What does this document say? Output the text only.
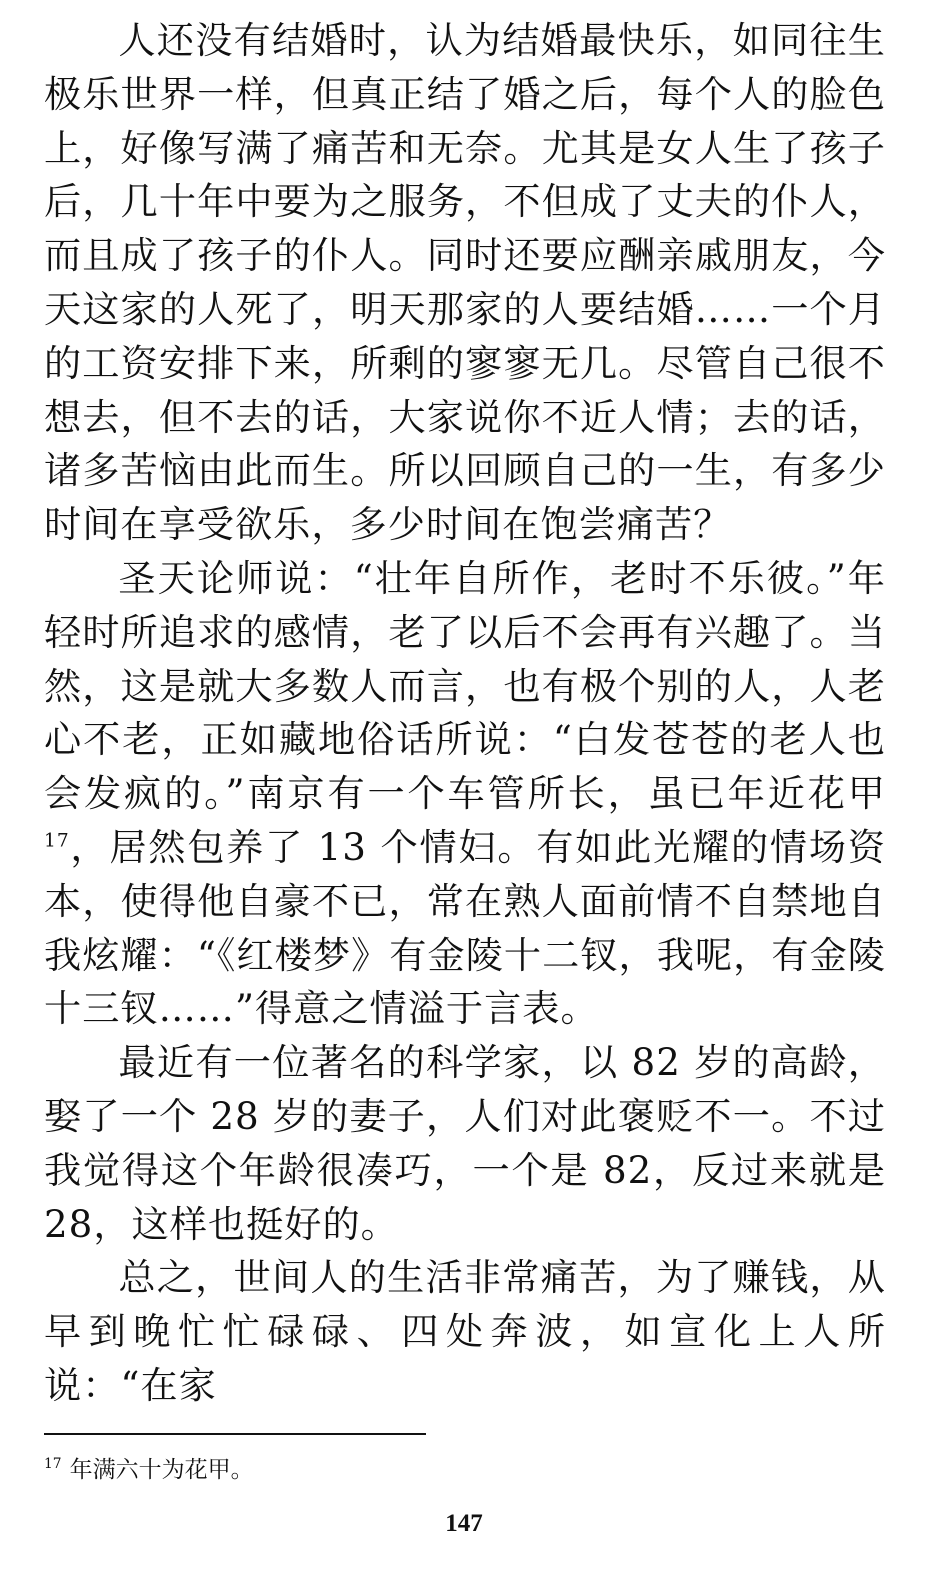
人还没有结婚时，认为结婚最快乐，如同往生极乐世界一样，但真正结了婚之后，每个人的脸色上，好像写满了痛苦和无奈。尤其是女人生了孩子后，几十年中要为之服务，不但成了丈夫的仆人，而且成了孩子的仆人。同时还要应酬亲戚朋友，今天这家的人死了，明天那家的人要结婚……一个月的工资安排下来，所剩的寥寥无几。尽管自己很不想去，但不去的话，大家说你不近人情；去的话，诸多苦恼由此而生。所以回顾自己的一生，有多少时间在享受欲乐，多少时间在饱尝痛苦？

圣天论师说：“壮年自所作，老时不乐彼。”年轻时所追求的感情，老了以后不会再有兴趣了。当然，这是就大多数人而言，也有极个别的人，人老心不老，正如藏地俗话所说：“白发苍苍的老人也会发疯的。”南京有一个车管所长，虽已年近花甲$^{17}$，居然包养了 13 个情妇。有如此光耀的情场资本，使得他自豪不已，常在熟人面前情不自禁地自我炫耀：“《红楼梦》有金陵十二钗，我呢，有金陵十三钗……”得意之情溢于言表。

最近有一位著名的科学家，以 82 岁的高龄，娶了一个 28 岁的妻子，人们对此褒贬不一。不过我觉得这个年龄很凑巧，一个是 82，反过来就是 28，这样也挺好的。

总之，世间人的生活非常痛苦，为了赚钱，从早到晚忙忙碌碌、四处奔波，如宣化上人所说：“在家

$^{17}$ 年满六十为花甲。
147
